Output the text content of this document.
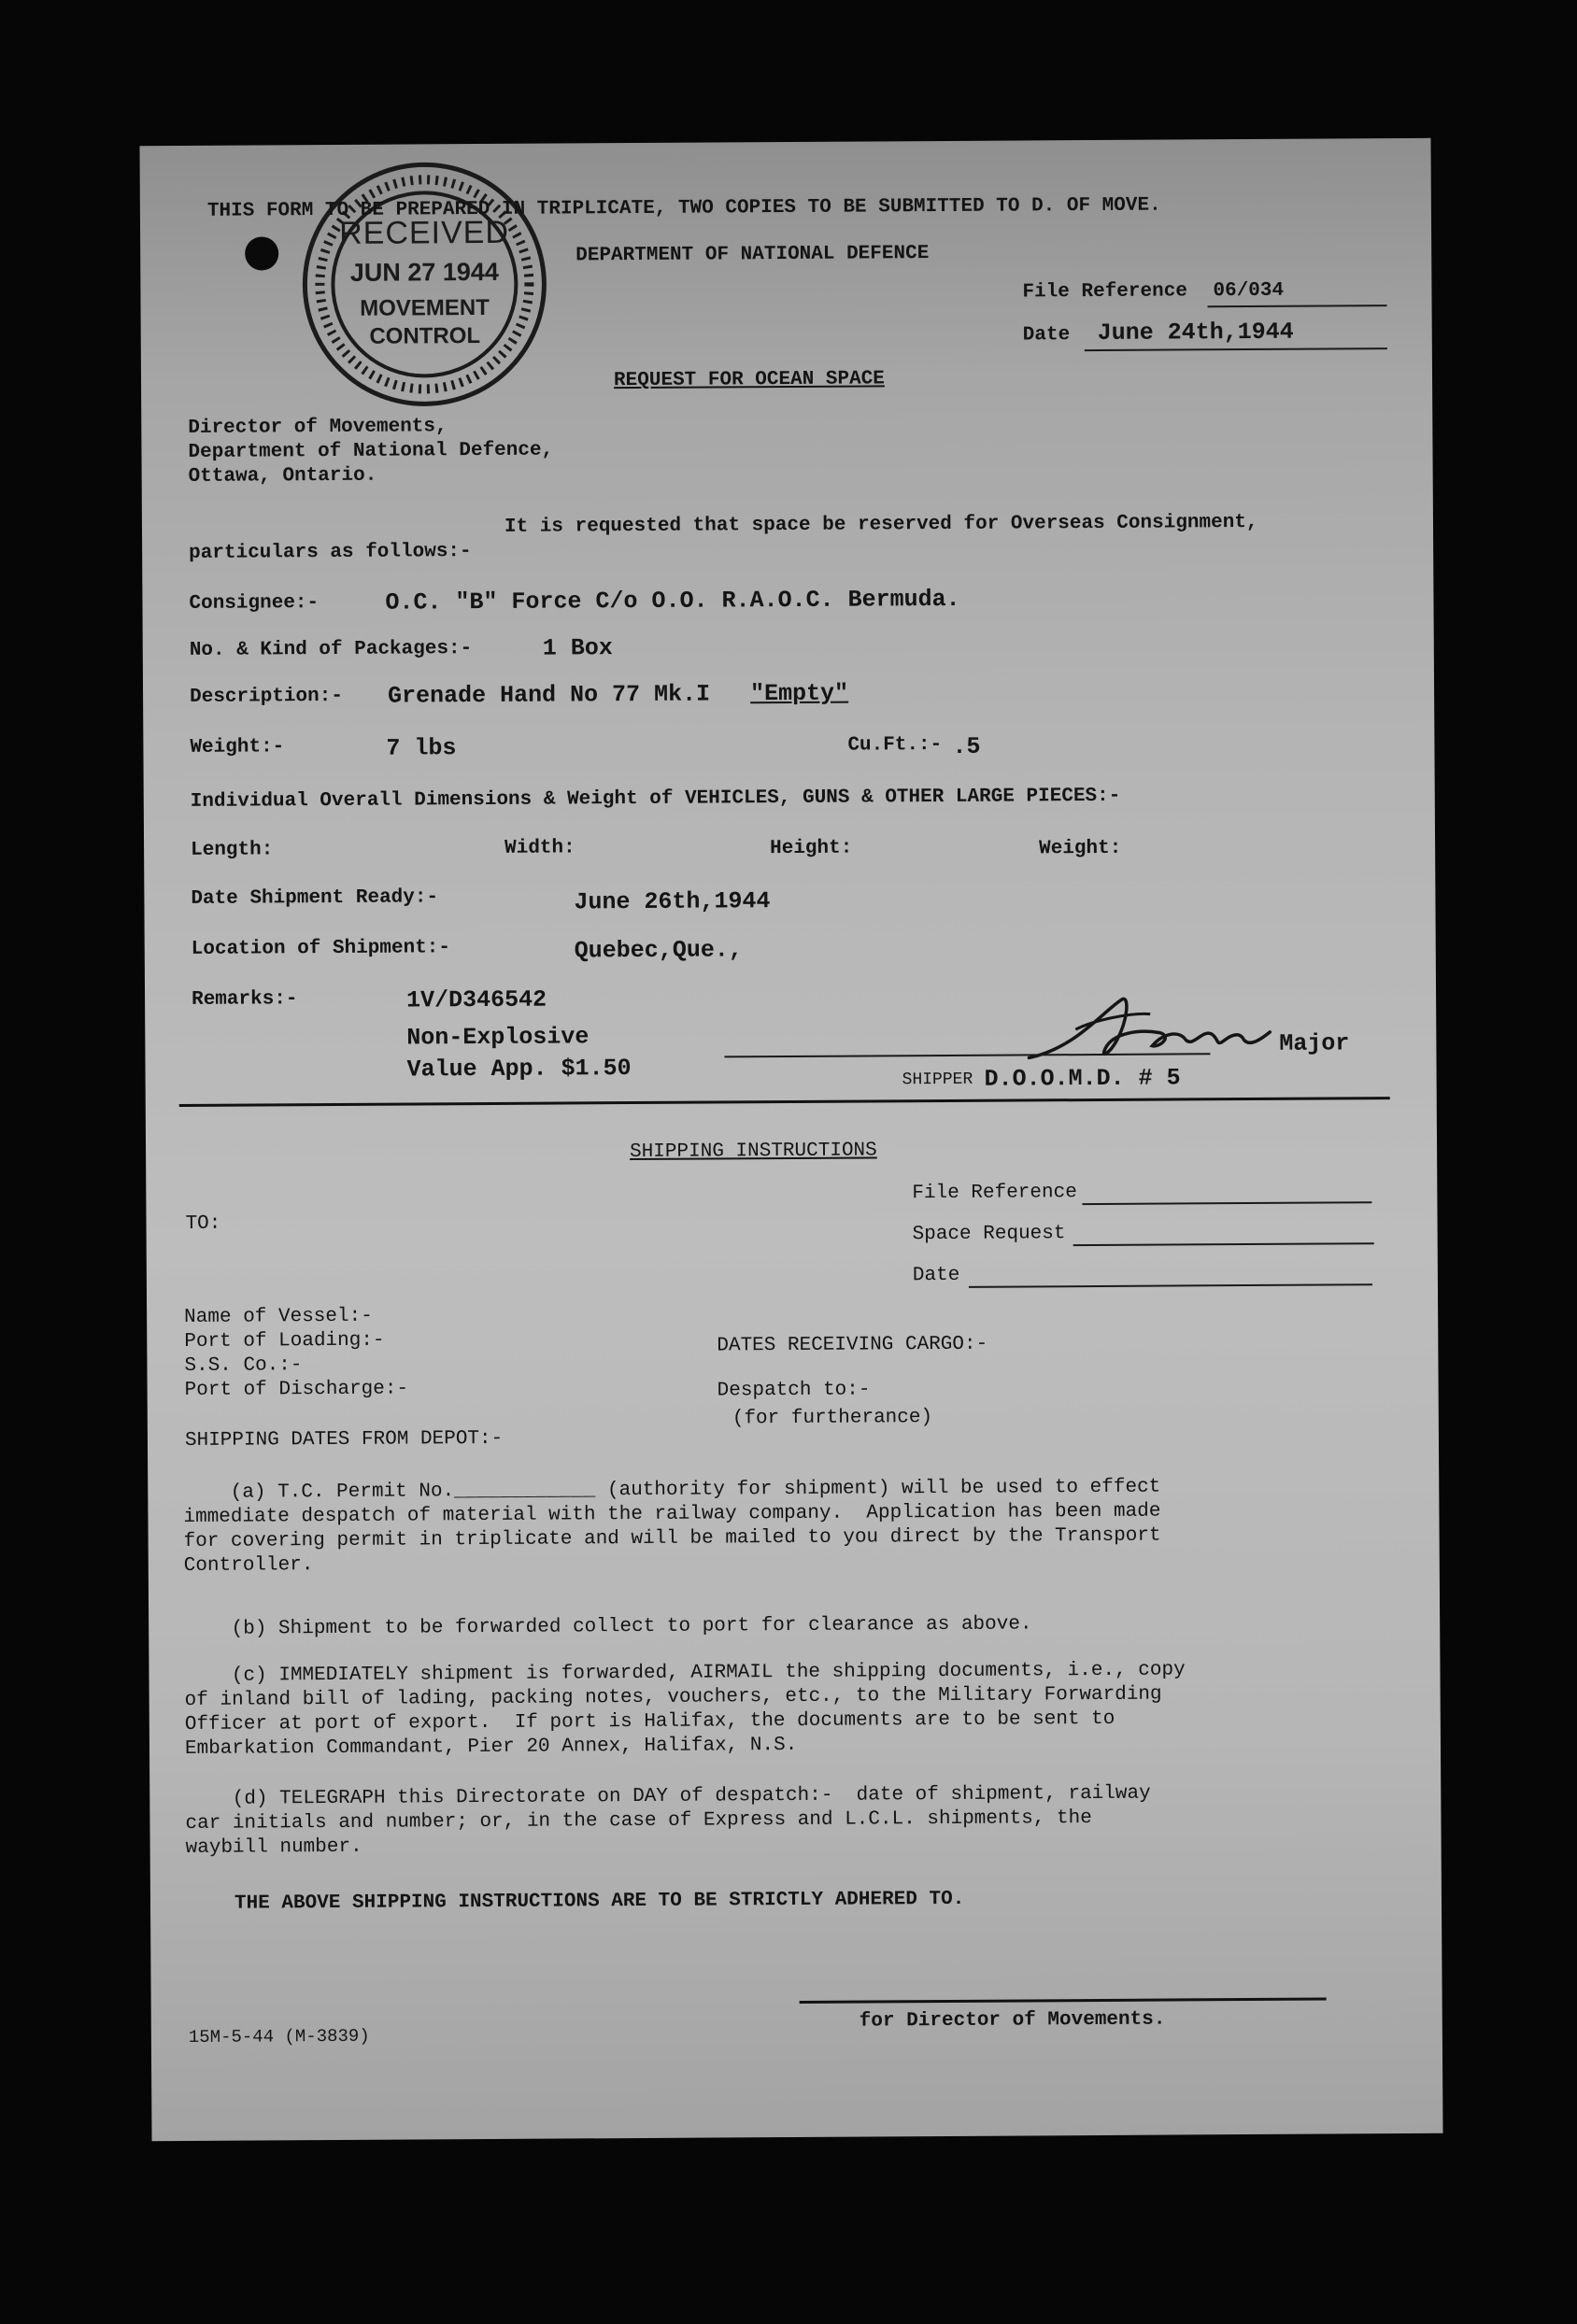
RECEIVED
JUN 27 1944
MOVEMENT
CONTROL
THIS FORM TO BE PREPARED IN TRIPLICATE, TWO COPIES TO BE SUBMITTED TO D. OF MOVE.
DEPARTMENT OF NATIONAL DEFENCE
File Reference 06/034
Date June 24th,1944
REQUEST FOR OCEAN SPACE
Director of Movements,
Department of National Defence,
Ottawa, Ontario.
It is requested that space be reserved for Overseas Consignment,
particulars as follows:-
Consignee:-	O.C. "B" Force C/o O.O. R.A.O.C. Bermuda.
No. & Kind of Packages:-	1 Box
Description:- Grenade Hand No 77 Mk.I "Empty"
Weight:-	7 lbs	Cu.Ft.:- .5
Individual Overall Dimensions & Weight of VEHICLES, GUNS & OTHER LARGE PIECES:-
Length:	Width:	Height:	Weight:
Date Shipment Ready:-	June 26th,1944
Location of Shipment:-	Quebec,Que.,
Remarks:-	1V/D346542
Non-Explosive
Value App. $1.50
Major
SHIPPER D.O.O.M.D. # 5
SHIPPING INSTRUCTIONS
TO:
File Reference
Space Request
Date
Name of Vessel:-
Port of Loading:-
S.S. Co.:-
Port of Discharge:-
DATES RECEIVING CARGO:-
Despatch to:-
(for furtherance)
SHIPPING DATES FROM DEPOT:-
(a) T.C. Permit No.____________ (authority for shipment) will be used to effect
immediate despatch of material with the railway company.  Application has been made
for covering permit in triplicate and will be mailed to you direct by the Transport
Controller.
(b) Shipment to be forwarded collect to port for clearance as above.
(c) IMMEDIATELY shipment is forwarded, AIRMAIL the shipping documents, i.e., copy
of inland bill of lading, packing notes, vouchers, etc., to the Military Forwarding
Officer at port of export.  If port is Halifax, the documents are to be sent to
Embarkation Commandant, Pier 20 Annex, Halifax, N.S.
(d) TELEGRAPH this Directorate on DAY of despatch:-  date of shipment, railway
car initials and number; or, in the case of Express and L.C.L. shipments, the
waybill number.
THE ABOVE SHIPPING INSTRUCTIONS ARE TO BE STRICTLY ADHERED TO.
for Director of Movements.
15M-5-44 (M-3839)
